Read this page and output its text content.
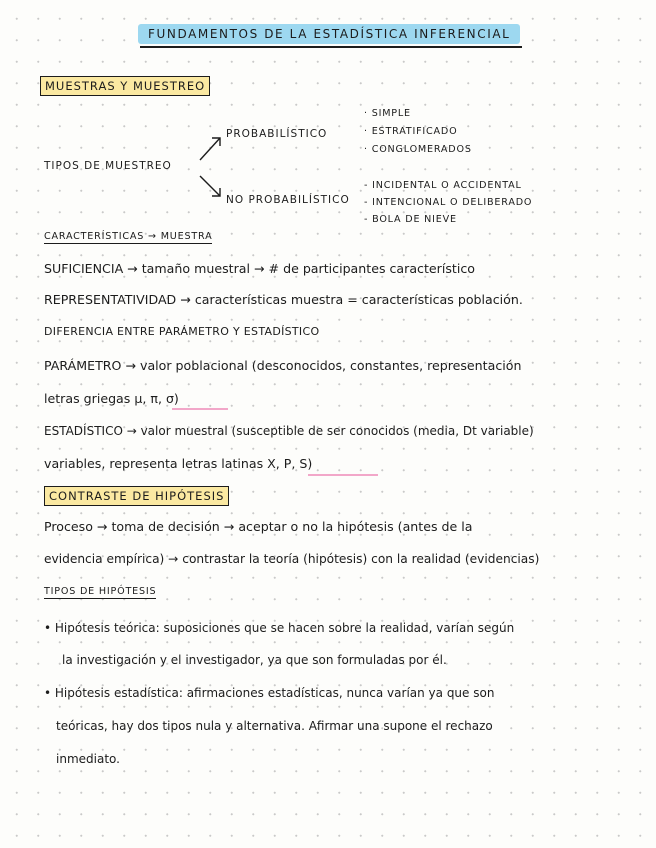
FUNDAMENTOS DE LA ESTADÍSTICA INFERENCIAL
MUESTRAS Y MUESTREO
TIPOS DE MUESTREO
PROBABILÍSTICO
· SIMPLE
· ESTRATIFICADO
· CONGLOMERADOS
NO PROBABILÍSTICO
- INCIDENTAL O ACCIDENTAL
- INTENCIONAL O DELIBERADO
- BOLA DE NIEVE
CARACTERÍSTICAS → MUESTRA
SUFICIENCIA → tamaño muestral → # de participantes característico
REPRESENTATIVIDAD → características muestra = características población.
DIFERENCIA ENTRE PARÁMETRO Y ESTADÍSTICO
PARÁMETRO → valor poblacional (desconocidos, constantes, representación
letras griegas μ, π, σ)
ESTADÍSTICO → valor muestral (susceptible de ser conocidos (media, Dt variable)
variables, representa letras latinas X, P, S)
CONTRASTE DE HIPÓTESIS
Proceso → toma de decisión → aceptar o no la hipótesis (antes de la
evidencia empírica) → contrastar la teoría (hipótesis) con la realidad (evidencias)
TIPOS DE HIPÓTESIS
• Hipótesis teórica: suposiciones que se hacen sobre la realidad, varían según
la investigación y el investigador, ya que son formuladas por él.
• Hipótesis estadística: afirmaciones estadísticas, nunca varían ya que son
teóricas, hay dos tipos nula y alternativa. Afirmar una supone el rechazo
inmediato.
